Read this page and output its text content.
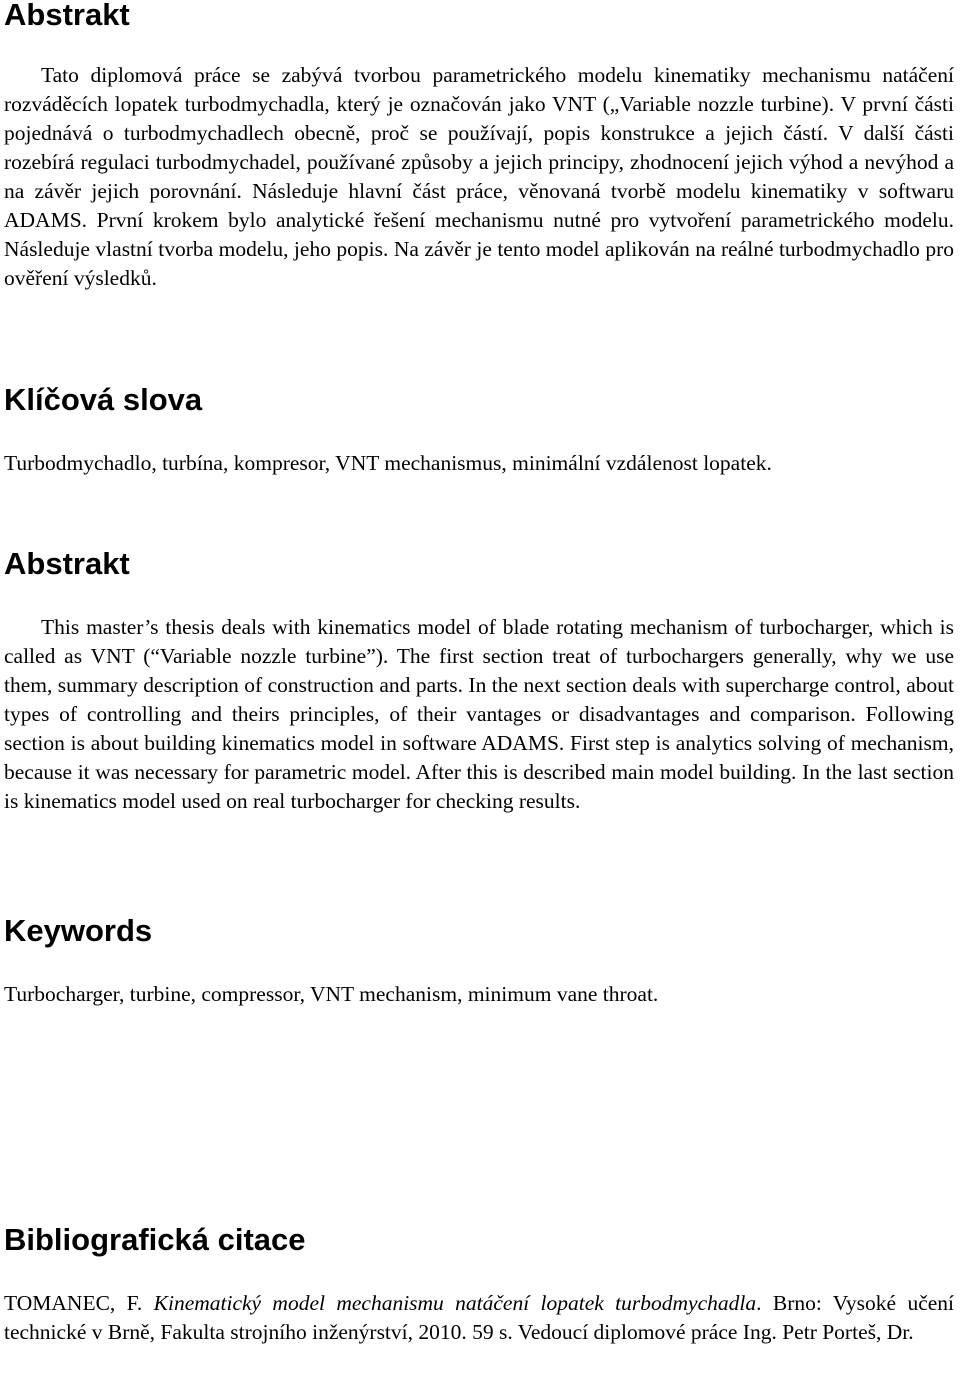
Abstrakt

Tato diplomová práce se zabývá tvorbou parametrického modelu kinematiky mechanismu natáčení rozváděcích lopatek turbodmychadla, který je označován jako VNT („Variable nozzle turbine). V první části pojednává o turbodmychadlech obecně, proč se používají, popis konstrukce a jejich částí. V další části rozebírá regulaci turbodmychadel, používané způsoby a jejich principy, zhodnocení jejich výhod a nevýhod a na závěr jejich porovnání. Následuje hlavní část práce, věnovaná tvorbě modelu kinematiky v softwaru ADAMS. První krokem bylo analytické řešení mechanismu nutné pro vytvoření parametrického modelu. Následuje vlastní tvorba modelu, jeho popis. Na závěr je tento model aplikován na reálné turbodmychadlo pro ověření výsledků.

Klíčová slova

Turbodmychadlo, turbína, kompresor, VNT mechanismus, minimální vzdálenost lopatek.

Abstrakt

This master’s thesis deals with kinematics model of blade rotating mechanism of turbocharger, which is called as VNT (“Variable nozzle turbine”). The first section treat of turbochargers generally, why we use them, summary description of construction and parts. In the next section deals with supercharge control, about types of controlling and theirs principles, of their vantages or disadvantages and comparison. Following section is about building kinematics model in software ADAMS. First step is analytics solving of mechanism, because it was necessary for parametric model. After this is described main model building. In the last section is kinematics model used on real turbocharger for checking results.

Keywords

Turbocharger, turbine, compressor, VNT mechanism, minimum vane throat.

Bibliografická citace

TOMANEC, F. Kinematický model mechanismu natáčení lopatek turbodmychadla. Brno: Vysoké učení technické v Brně, Fakulta strojního inženýrství, 2010. 59 s. Vedoucí diplomové práce Ing. Petr Porteš, Dr.
